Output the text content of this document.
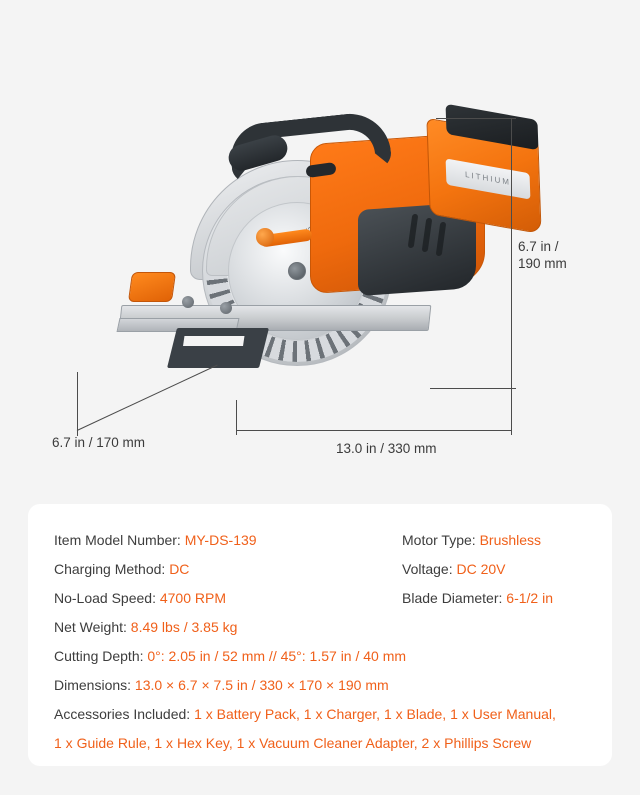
LITHIUM
6.7 in /
190 mm
6.7 in / 170 mm	13.0 in / 330 mm
Item Model Number: MY-DS-139	Motor Type: Brushless
Charging Method: DC	Voltage: DC 20V
No-Load Speed: 4700 RPM	Blade Diameter: 6-1/2 in
Net Weight: 8.49 lbs / 3.85 kg
Cutting Depth: 0°: 2.05 in / 52 mm // 45°: 1.57 in / 40 mm
Dimensions: 13.0 × 6.7 × 7.5 in / 330 × 170 × 190 mm
Accessories Included: 1 x Battery Pack, 1 x Charger, 1 x Blade, 1 x User Manual,
1 x Guide Rule, 1 x Hex Key, 1 x Vacuum Cleaner Adapter, 2 x Phillips Screw
